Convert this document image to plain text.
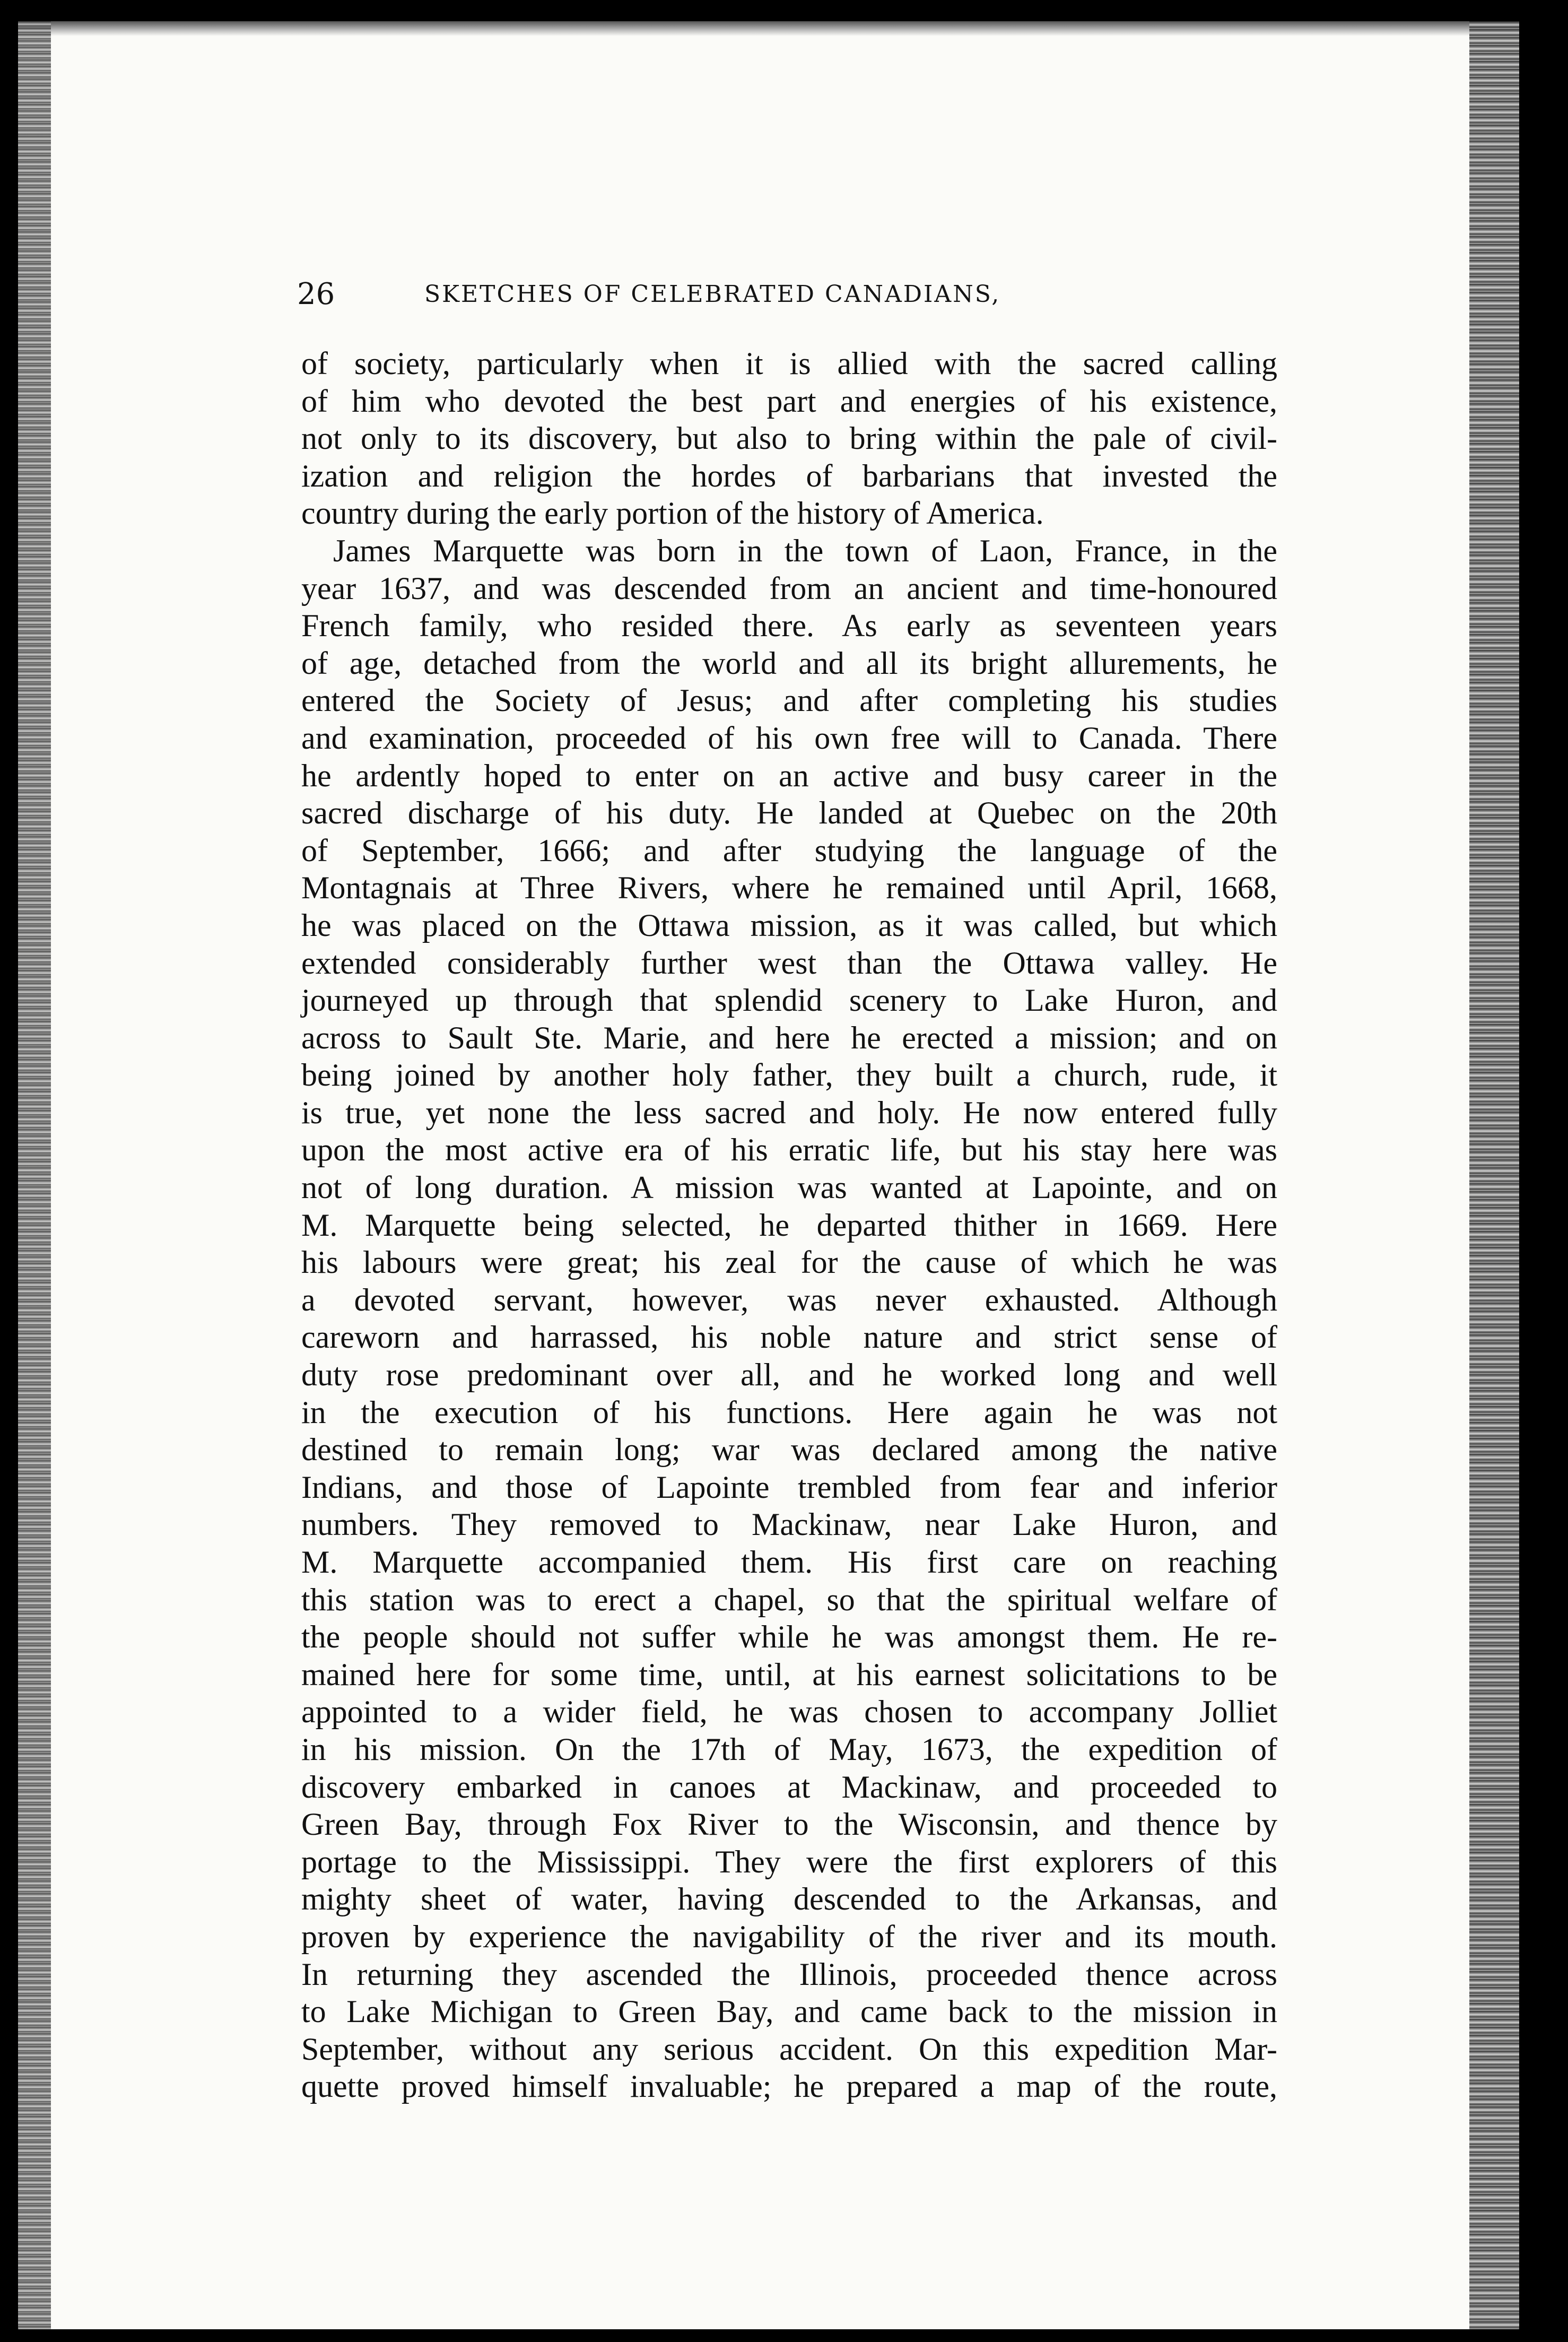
26	SKETCHES OF CELEBRATED CANADIANS,
of society, particularly when it is allied with the sacred calling
of him who devoted the best part and energies of his existence,
not only to its discovery, but also to bring within the pale of civil-
ization and religion the hordes of barbarians that invested the
country during the early portion of the history of America.
James Marquette was born in the town of Laon, France, in the
year 1637, and was descended from an ancient and time-honoured
French family, who resided there. As early as seventeen years
of age, detached from the world and all its bright allurements, he
entered the Society of Jesus; and after completing his studies
and examination, proceeded of his own free will to Canada. There
he ardently hoped to enter on an active and busy career in the
sacred discharge of his duty. He landed at Quebec on the 20th
of September, 1666; and after studying the language of the
Montagnais at Three Rivers, where he remained until April, 1668,
he was placed on the Ottawa mission, as it was called, but which
extended considerably further west than the Ottawa valley. He
journeyed up through that splendid scenery to Lake Huron, and
across to Sault Ste. Marie, and here he erected a mission; and on
being joined by another holy father, they built a church, rude, it
is true, yet none the less sacred and holy. He now entered fully
upon the most active era of his erratic life, but his stay here was
not of long duration. A mission was wanted at Lapointe, and on
M. Marquette being selected, he departed thither in 1669. Here
his labours were great; his zeal for the cause of which he was
a devoted servant, however, was never exhausted. Although
careworn and harrassed, his noble nature and strict sense of
duty rose predominant over all, and he worked long and well
in the execution of his functions. Here again he was not
destined to remain long; war was declared among the native
Indians, and those of Lapointe trembled from fear and inferior
numbers. They removed to Mackinaw, near Lake Huron, and
M. Marquette accompanied them. His first care on reaching
this station was to erect a chapel, so that the spiritual welfare of
the people should not suffer while he was amongst them. He re-
mained here for some time, until, at his earnest solicitations to be
appointed to a wider field, he was chosen to accompany Jolliet
in his mission. On the 17th of May, 1673, the expedition of
discovery embarked in canoes at Mackinaw, and proceeded to
Green Bay, through Fox River to the Wisconsin, and thence by
portage to the Mississippi. They were the first explorers of this
mighty sheet of water, having descended to the Arkansas, and
proven by experience the navigability of the river and its mouth.
In returning they ascended the Illinois, proceeded thence across
to Lake Michigan to Green Bay, and came back to the mission in
September, without any serious accident. On this expedition Mar-
quette proved himself invaluable; he prepared a map of the route,
